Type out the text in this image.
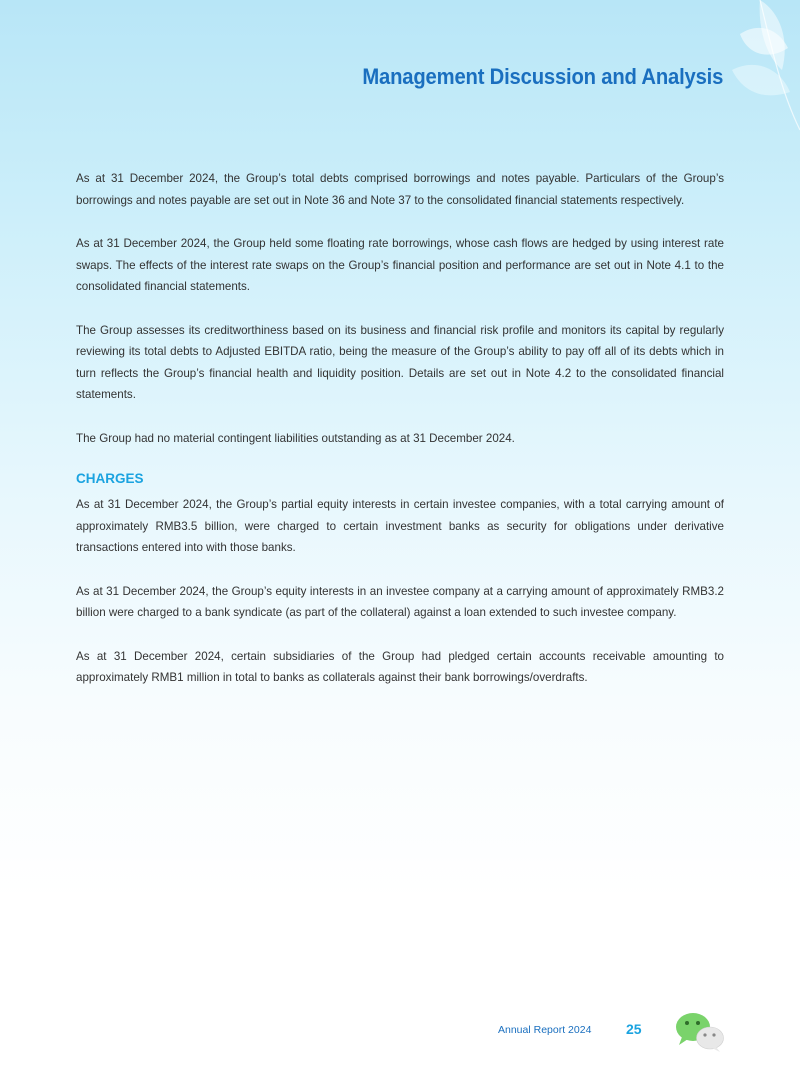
Management Discussion and Analysis

As at 31 December 2024, the Group’s total debts comprised borrowings and notes payable. Particulars of the Group’s borrowings and notes payable are set out in Note 36 and Note 37 to the consolidated financial statements respectively.

As at 31 December 2024, the Group held some floating rate borrowings, whose cash flows are hedged by using interest rate swaps. The effects of the interest rate swaps on the Group’s financial position and performance are set out in Note 4.1 to the consolidated financial statements.

The Group assesses its creditworthiness based on its business and financial risk profile and monitors its capital by regularly reviewing its total debts to Adjusted EBITDA ratio, being the measure of the Group’s ability to pay off all of its debts which in turn reflects the Group’s financial health and liquidity position. Details are set out in Note 4.2 to the consolidated financial statements.

The Group had no material contingent liabilities outstanding as at 31 December 2024.

CHARGES

As at 31 December 2024, the Group’s partial equity interests in certain investee companies, with a total carrying amount of approximately RMB3.5 billion, were charged to certain investment banks as security for obligations under derivative transactions entered into with those banks.

As at 31 December 2024, the Group’s equity interests in an investee company at a carrying amount of approximately RMB3.2 billion were charged to a bank syndicate (as part of the collateral) against a loan extended to such investee company.

As at 31 December 2024, certain subsidiaries of the Group had pledged certain accounts receivable amounting to approximately RMB1 million in total to banks as collaterals against their bank borrowings/overdrafts.

Annual Report 2024 25
